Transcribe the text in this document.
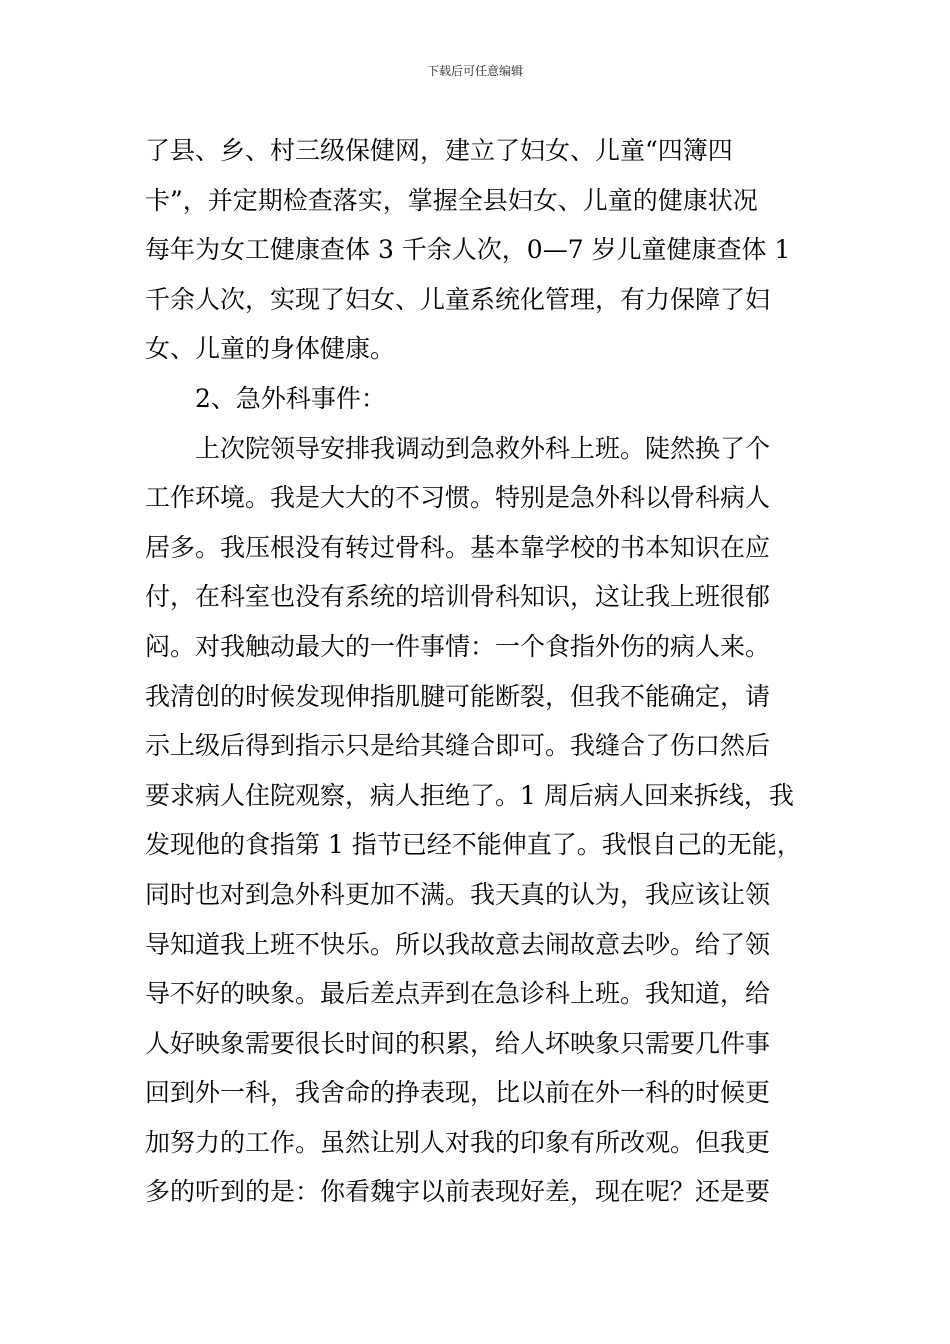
下载后可任意编辑
了县、乡、村三级保健网，建立了妇女、儿童“四簿四
卡”，并定期检查落实，掌握全县妇女、儿童的健康状况
每年为女工健康查体 3 千余人次，0—7 岁儿童健康查体 1
千余人次，实现了妇女、儿童系统化管理，有力保障了妇
女、儿童的身体健康。
2、急外科事件：
上次院领导安排我调动到急救外科上班。陡然换了个
工作环境。我是大大的不习惯。特别是急外科以骨科病人
居多。我压根没有转过骨科。基本靠学校的书本知识在应
付，在科室也没有系统的培训骨科知识，这让我上班很郁
闷。对我触动最大的一件事情：一个食指外伤的病人来。
我清创的时候发现伸指肌腱可能断裂，但我不能确定，请
示上级后得到指示只是给其缝合即可。我缝合了伤口然后
要求病人住院观察，病人拒绝了。1 周后病人回来拆线，我
发现他的食指第 1 指节已经不能伸直了。我恨自己的无能，
同时也对到急外科更加不满。我天真的认为，我应该让领
导知道我上班不快乐。所以我故意去闹故意去吵。给了领
导不好的映象。最后差点弄到在急诊科上班。我知道，给
人好映象需要很长时间的积累，给人坏映象只需要几件事
回到外一科，我舍命的挣表现，比以前在外一科的时候更
加努力的工作。虽然让别人对我的印象有所改观。但我更
多的听到的是：你看魏宇以前表现好差，现在呢？还是要
